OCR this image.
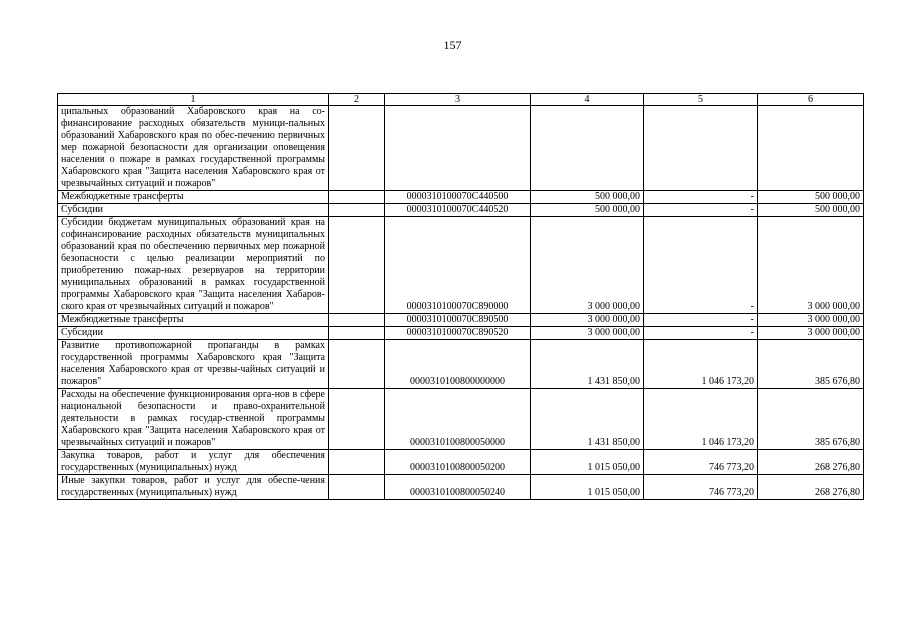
157
1	2	3	4	5	6
ципальных образований Хабаровского края на со-финансирование расходных обязательств муници-пальных образований Хабаровского края по обес-печению первичных мер пожарной безопасности для организации оповещения населения о пожаре в рамках государственной программы Хабаровского края "Защита населения Хабаровского края от чрезвычайных ситуаций и пожаров"					
Межбюджетные трансферты		0000310100070С440500	500 000,00	-	500 000,00
Субсидии		0000310100070С440520	500 000,00	-	500 000,00
Субсидии бюджетам муниципальных образований края на софинансирование расходных обязательств муниципальных образований края по обеспечению первичных мер пожарной безопасности с целью реализации мероприятий по приобретению пожар-ных резервуаров на территории муниципальных образований в рамках государственной программы Хабаровского края "Защита населения Хабаров-ского края от чрезвычайных ситуаций и пожаров"		0000310100070С890000	3 000 000,00	-	3 000 000,00
Межбюджетные трансферты		0000310100070С890500	3 000 000,00	-	3 000 000,00
Субсидии		0000310100070С890520	3 000 000,00	-	3 000 000,00
Развитие противопожарной пропаганды в рамках государственной программы Хабаровского края "Защита населения Хабаровского края от чрезвы-чайных ситуаций и пожаров"		0000310100800000000	1 431 850,00	1 046 173,20	385 676,80
Расходы на обеспечение функционирования орга-нов в сфере национальной безопасности и право-охранительной деятельности в рамках государ-ственной программы Хабаровского края "Защита населения Хабаровского края от чрезвычайных ситуаций и пожаров"		0000310100800050000	1 431 850,00	1 046 173,20	385 676,80
Закупка товаров, работ и услуг для обеспечения государственных (муниципальных) нужд		0000310100800050200	1 015 050,00	746 773,20	268 276,80
Иные закупки товаров, работ и услуг для обеспе-чения государственных (муниципальных) нужд		0000310100800050240	1 015 050,00	746 773,20	268 276,80
